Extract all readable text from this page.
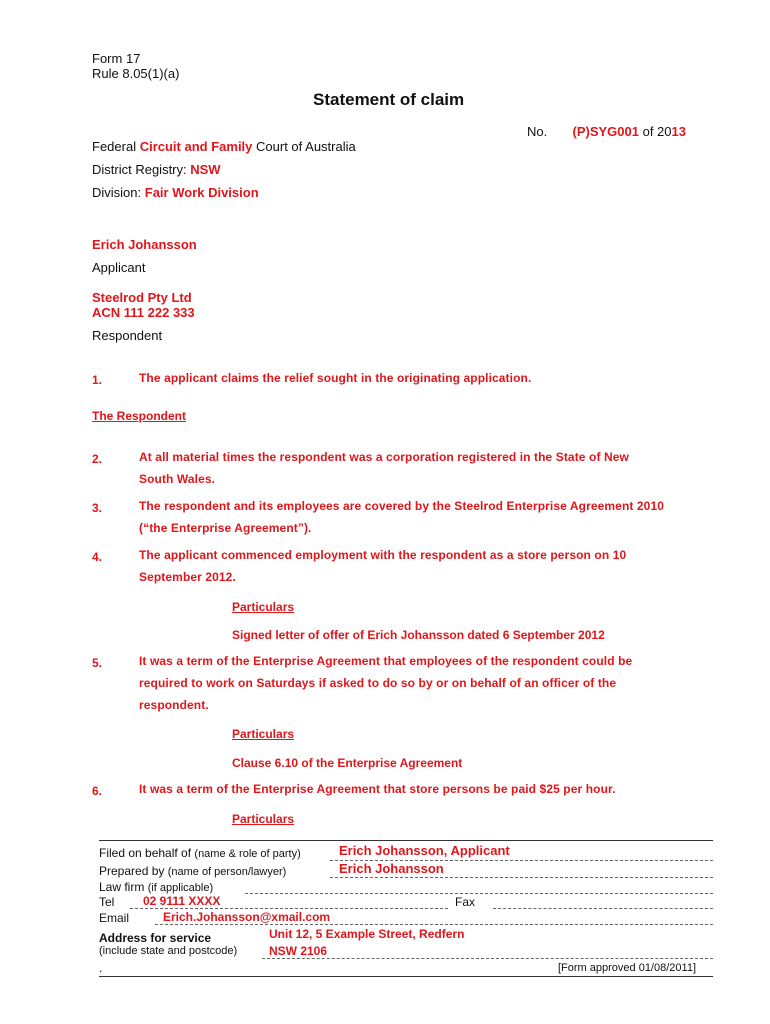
Form 17
Rule 8.05(1)(a)
Statement of claim
No. (P)SYG001 of 2013
Federal Circuit and Family Court of Australia
District Registry: NSW
Division: Fair Work Division
Erich Johansson
Applicant
Steelrod Pty Ltd
ACN 111 222 333
Respondent
1.	The applicant claims the relief sought in the originating application.
The Respondent
2.	At all material times the respondent was a corporation registered in the State of New
South Wales.
3.	The respondent and its employees are covered by the Steelrod Enterprise Agreement 2010
(“the Enterprise Agreement”).
4.	The applicant commenced employment with the respondent as a store person on 10
September 2012.
Particulars
Signed letter of offer of Erich Johansson dated 6 September 2012
5.	It was a term of the Enterprise Agreement that employees of the respondent could be
required to work on Saturdays if asked to do so by or on behalf of an officer of the
respondent.
Particulars
Clause 6.10 of the Enterprise Agreement
6.	It was a term of the Enterprise Agreement that store persons be paid $25 per hour.
Particulars
Filed on behalf of (name & role of party)	Erich Johansson, Applicant
Prepared by (name of person/lawyer)	Erich Johansson
Law firm (if applicable)
Tel 02 9111 XXXX	Fax
Email	Erich.Johansson@xmail.com
Address for service
(include state and postcode)
Unit 12, 5 Example Street, Redfern
NSW 2106
.	[Form approved 01/08/2011]
